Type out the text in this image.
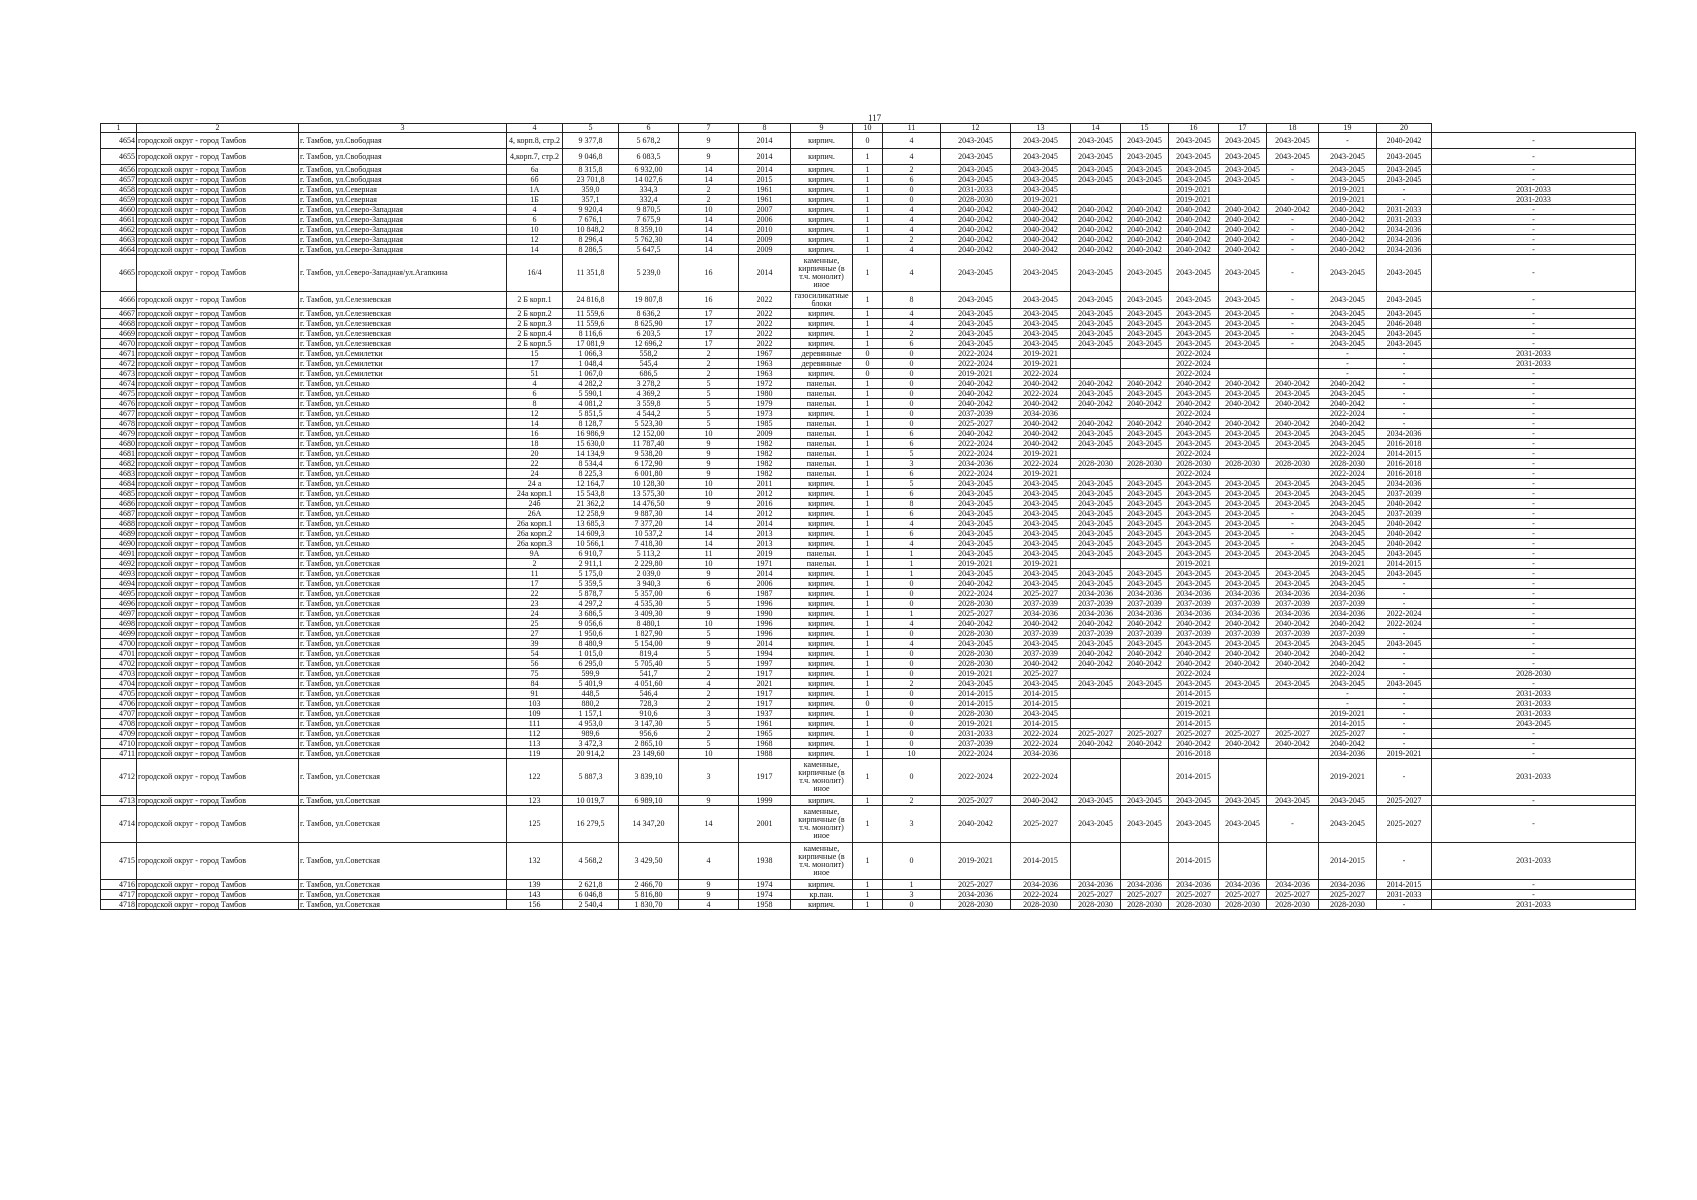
117
1	2	3	4	5	6	7	8	9	10	11	12	13	14	15	16	17	18	19	20	
4654	городской округ - город Тамбов	г. Тамбов, ул.Свободная	4, корп.8, стр.2	9 377,8	5 678,2	9	2014	кирпич.	0	4	2043-2045	2043-2045	2043-2045	2043-2045	2043-2045	2043-2045	2043-2045	-	2040-2042	-
4655	городской округ - город Тамбов	г. Тамбов, ул.Свободная	4,корп.7, стр.2	9 046,8	6 083,5	9	2014	кирпич.	1	4	2043-2045	2043-2045	2043-2045	2043-2045	2043-2045	2043-2045	2043-2045	2043-2045	2043-2045	-
4656	городской округ - город Тамбов	г. Тамбов, ул.Свободная	6а	8 315,8	6 932,00	14	2014	кирпич.	1	2	2043-2045	2043-2045	2043-2045	2043-2045	2043-2045	2043-2045	-	2043-2045	2043-2045	-
4657	городской округ - город Тамбов	г. Тамбов, ул.Свободная	6б	23 701,8	14 027,6	14	2015	кирпич.	1	6	2043-2045	2043-2045	2043-2045	2043-2045	2043-2045	2043-2045	-	2043-2045	2043-2045	-
4658	городской округ - город Тамбов	г. Тамбов, ул.Северная	1А	359,0	334,3	2	1961	кирпич.	1	0	2031-2033	2043-2045			2019-2021			2019-2021	-	2031-2033
4659	городской округ - город Тамбов	г. Тамбов, ул.Северная	1Б	357,1	332,4	2	1961	кирпич.	1	0	2028-2030	2019-2021			2019-2021			2019-2021	-	2031-2033
4660	городской округ - город Тамбов	г. Тамбов, ул.Северо-Западная	4	9 920,4	9 870,5	10	2007	кирпич.	1	4	2040-2042	2040-2042	2040-2042	2040-2042	2040-2042	2040-2042	2040-2042	2040-2042	2031-2033	-
4661	городской округ - город Тамбов	г. Тамбов, ул.Северо-Западная	6	7 676,1	7 675,9	14	2006	кирпич.	1	4	2040-2042	2040-2042	2040-2042	2040-2042	2040-2042	2040-2042	-	2040-2042	2031-2033	-
4662	городской округ - город Тамбов	г. Тамбов, ул.Северо-Западная	10	10 848,2	8 359,10	14	2010	кирпич.	1	4	2040-2042	2040-2042	2040-2042	2040-2042	2040-2042	2040-2042	-	2040-2042	2034-2036	-
4663	городской округ - город Тамбов	г. Тамбов, ул.Северо-Западная	12	8 296,4	5 762,30	14	2009	кирпич.	1	2	2040-2042	2040-2042	2040-2042	2040-2042	2040-2042	2040-2042	-	2040-2042	2034-2036	-
4664	городской округ - город Тамбов	г. Тамбов, ул.Северо-Западная	14	8 286,5	5 647,5	14	2009	кирпич.	1	4	2040-2042	2040-2042	2040-2042	2040-2042	2040-2042	2040-2042	-	2040-2042	2034-2036	-
4665	городской округ - город Тамбов	г. Тамбов, ул.Северо-Западная/ул.Агапкина	16/4	11 351,8	5 239,0	16	2014	каменные, кирпичные (в т.ч. монолит) иное	1	4	2043-2045	2043-2045	2043-2045	2043-2045	2043-2045	2043-2045	-	2043-2045	2043-2045	-
4666	городской округ - город Тамбов	г. Тамбов, ул.Селезневская	2 Б корп.1	24 816,8	19 807,8	16	2022	газосиликатные блоки	1	8	2043-2045	2043-2045	2043-2045	2043-2045	2043-2045	2043-2045	-	2043-2045	2043-2045	-
4667	городской округ - город Тамбов	г. Тамбов, ул.Селезневская	2 Б корп.2	11 559,6	8 636,2	17	2022	кирпич.	1	4	2043-2045	2043-2045	2043-2045	2043-2045	2043-2045	2043-2045	-	2043-2045	2043-2045	-
4668	городской округ - город Тамбов	г. Тамбов, ул.Селезневская	2 Б корп.3	11 559,6	8 625,90	17	2022	кирпич.	1	4	2043-2045	2043-2045	2043-2045	2043-2045	2043-2045	2043-2045	-	2043-2045	2046-2048	-
4669	городской округ - город Тамбов	г. Тамбов, ул.Селезневская	2 Б корп.4	8 116,6	6 203,5	17	2022	кирпич.	1	2	2043-2045	2043-2045	2043-2045	2043-2045	2043-2045	2043-2045	-	2043-2045	2043-2045	-
4670	городской округ - город Тамбов	г. Тамбов, ул.Селезневская	2 Б корп.5	17 081,9	12 696,2	17	2022	кирпич.	1	6	2043-2045	2043-2045	2043-2045	2043-2045	2043-2045	2043-2045	-	2043-2045	2043-2045	-
4671	городской округ - город Тамбов	г. Тамбов, ул.Семилетки	15	1 066,3	558,2	2	1967	деревянные	0	0	2022-2024	2019-2021			2022-2024			-	-	2031-2033
4672	городской округ - город Тамбов	г. Тамбов, ул.Семилетки	17	1 048,4	545,4	2	1963	деревянные	0	0	2022-2024	2019-2021			2022-2024			-	-	2031-2033
4673	городской округ - город Тамбов	г. Тамбов, ул.Семилетки	51	1 067,0	686,5	2	1963	кирпич.	0	0	2019-2021	2022-2024			2022-2024			-	-	-
4674	городской округ - город Тамбов	г. Тамбов, ул.Сенько	4	4 282,2	3 278,2	5	1972	панельн.	1	0	2040-2042	2040-2042	2040-2042	2040-2042	2040-2042	2040-2042	2040-2042	2040-2042	-	-
4675	городской округ - город Тамбов	г. Тамбов, ул.Сенько	6	5 590,1	4 369,2	5	1980	панельн.	1	0	2040-2042	2022-2024	2043-2045	2043-2045	2043-2045	2043-2045	2043-2045	2043-2045	-	-
4676	городской округ - город Тамбов	г. Тамбов, ул.Сенько	8	4 081,2	3 559,8	5	1979	панельн.	1	0	2040-2042	2040-2042	2040-2042	2040-2042	2040-2042	2040-2042	2040-2042	2040-2042	-	-
4677	городской округ - город Тамбов	г. Тамбов, ул.Сенько	12	5 851,5	4 544,2	5	1973	кирпич.	1	0	2037-2039	2034-2036			2022-2024			2022-2024	-	-
4678	городской округ - город Тамбов	г. Тамбов, ул.Сенько	14	8 128,7	5 523,30	5	1985	панельн.	1	0	2025-2027	2040-2042	2040-2042	2040-2042	2040-2042	2040-2042	2040-2042	2040-2042	-	-
4679	городской округ - город Тамбов	г. Тамбов, ул.Сенько	16	16 986,9	12 152,00	10	2009	панельн.	1	6	2040-2042	2040-2042	2043-2045	2043-2045	2043-2045	2043-2045	2043-2045	2043-2045	2034-2036	-
4680	городской округ - город Тамбов	г. Тамбов, ул.Сенько	18	15 630,0	11 787,40	9	1982	панельн.	1	6	2022-2024	2040-2042	2043-2045	2043-2045	2043-2045	2043-2045	2043-2045	2043-2045	2016-2018	-
4681	городской округ - город Тамбов	г. Тамбов, ул.Сенько	20	14 134,9	9 538,20	9	1982	панельн.	1	5	2022-2024	2019-2021			2022-2024			2022-2024	2014-2015	-
4682	городской округ - город Тамбов	г. Тамбов, ул.Сенько	22	8 534,4	6 172,90	9	1982	панельн.	1	3	2034-2036	2022-2024	2028-2030	2028-2030	2028-2030	2028-2030	2028-2030	2028-2030	2016-2018	-
4683	городской округ - город Тамбов	г. Тамбов, ул.Сенько	24	8 225,3	6 001,80	9	1982	панельн.	1	6	2022-2024	2019-2021			2022-2024			2022-2024	2016-2018	-
4684	городской округ - город Тамбов	г. Тамбов, ул.Сенько	24 а	12 164,7	10 128,30	10	2011	кирпич.	1	5	2043-2045	2043-2045	2043-2045	2043-2045	2043-2045	2043-2045	2043-2045	2043-2045	2034-2036	-
4685	городской округ - город Тамбов	г. Тамбов, ул.Сенько	24а корп.1	15 543,8	13 575,30	10	2012	кирпич.	1	6	2043-2045	2043-2045	2043-2045	2043-2045	2043-2045	2043-2045	2043-2045	2043-2045	2037-2039	-
4686	городской округ - город Тамбов	г. Тамбов, ул.Сенько	24б	21 362,2	14 476,50	9	2016	кирпич.	1	8	2043-2045	2043-2045	2043-2045	2043-2045	2043-2045	2043-2045	2043-2045	2043-2045	2040-2042	-
4687	городской округ - город Тамбов	г. Тамбов, ул.Сенько	26А	12 258,9	9 887,30	14	2012	кирпич.	1	6	2043-2045	2043-2045	2043-2045	2043-2045	2043-2045	2043-2045	-	2043-2045	2037-2039	-
4688	городской округ - город Тамбов	г. Тамбов, ул.Сенько	26а корп.1	13 685,3	7 377,20	14	2014	кирпич.	1	4	2043-2045	2043-2045	2043-2045	2043-2045	2043-2045	2043-2045	-	2043-2045	2040-2042	-
4689	городской округ - город Тамбов	г. Тамбов, ул.Сенько	26а корп.2	14 609,3	10 537,2	14	2013	кирпич.	1	6	2043-2045	2043-2045	2043-2045	2043-2045	2043-2045	2043-2045	-	2043-2045	2040-2042	-
4690	городской округ - город Тамбов	г. Тамбов, ул.Сенько	26а корп.3	10 566,1	7 418,30	14	2013	кирпич.	1	4	2043-2045	2043-2045	2043-2045	2043-2045	2043-2045	2043-2045	-	2043-2045	2040-2042	-
4691	городской округ - город Тамбов	г. Тамбов, ул.Сенько	9А	6 910,7	5 113,2	11	2019	панельн.	1	1	2043-2045	2043-2045	2043-2045	2043-2045	2043-2045	2043-2045	2043-2045	2043-2045	2043-2045	-
4692	городской округ - город Тамбов	г. Тамбов, ул.Советская	2	2 911,1	2 229,80	10	1971	панельн.	1	1	2019-2021	2019-2021			2019-2021			2019-2021	2014-2015	-
4693	городской округ - город Тамбов	г. Тамбов, ул.Советская	11	5 175,0	2 039,0	9	2014	кирпич.	1	1	2043-2045	2043-2045	2043-2045	2043-2045	2043-2045	2043-2045	2043-2045	2043-2045	2043-2045	-
4694	городской округ - город Тамбов	г. Тамбов, ул.Советская	17	5 359,5	3 940,3	6	2006	кирпич.	1	0	2040-2042	2043-2045	2043-2045	2043-2045	2043-2045	2043-2045	2043-2045	2043-2045	-	-
4695	городской округ - город Тамбов	г. Тамбов, ул.Советская	22	5 878,7	5 357,00	6	1987	кирпич.	1	0	2022-2024	2025-2027	2034-2036	2034-2036	2034-2036	2034-2036	2034-2036	2034-2036	-	-
4696	городской округ - город Тамбов	г. Тамбов, ул.Советская	23	4 297,2	4 535,30	5	1996	кирпич.	1	0	2028-2030	2037-2039	2037-2039	2037-2039	2037-2039	2037-2039	2037-2039	2037-2039	-	-
4697	городской округ - город Тамбов	г. Тамбов, ул.Советская	24	3 686,5	3 409,30	9	1990	кирпич.	1	1	2025-2027	2034-2036	2034-2036	2034-2036	2034-2036	2034-2036	2034-2036	2034-2036	2022-2024	-
4698	городской округ - город Тамбов	г. Тамбов, ул.Советская	25	9 056,6	8 480,1	10	1996	кирпич.	1	4	2040-2042	2040-2042	2040-2042	2040-2042	2040-2042	2040-2042	2040-2042	2040-2042	2022-2024	-
4699	городской округ - город Тамбов	г. Тамбов, ул.Советская	27	1 950,6	1 827,90	5	1996	кирпич.	1	0	2028-2030	2037-2039	2037-2039	2037-2039	2037-2039	2037-2039	2037-2039	2037-2039	-	-
4700	городской округ - город Тамбов	г. Тамбов, ул.Советская	39	8 480,9	5 154,00	9	2014	кирпич.	1	4	2043-2045	2043-2045	2043-2045	2043-2045	2043-2045	2043-2045	2043-2045	2043-2045	2043-2045	-
4701	городской округ - город Тамбов	г. Тамбов, ул.Советская	54	1 015,0	819,4	5	1994	кирпич.	1	0	2028-2030	2037-2039	2040-2042	2040-2042	2040-2042	2040-2042	2040-2042	2040-2042	-	-
4702	городской округ - город Тамбов	г. Тамбов, ул.Советская	56	6 295,0	5 705,40	5	1997	кирпич.	1	0	2028-2030	2040-2042	2040-2042	2040-2042	2040-2042	2040-2042	2040-2042	2040-2042	-	-
4703	городской округ - город Тамбов	г. Тамбов, ул.Советская	75	599,9	541,7	2	1917	кирпич.	1	0	2019-2021	2025-2027			2022-2024			2022-2024	-	2028-2030
4704	городской округ - город Тамбов	г. Тамбов, ул.Советская	84	5 401,9	4 051,60	4	2021	кирпич.	1	2	2043-2045	2043-2045	2043-2045	2043-2045	2043-2045	2043-2045	2043-2045	2043-2045	2043-2045	-
4705	городской округ - город Тамбов	г. Тамбов, ул.Советская	91	448,5	546,4	2	1917	кирпич.	1	0	2014-2015	2014-2015			2014-2015			-	-	2031-2033
4706	городской округ - город Тамбов	г. Тамбов, ул.Советская	103	880,2	728,3	2	1917	кирпич.	0	0	2014-2015	2014-2015			2019-2021			-	-	2031-2033
4707	городской округ - город Тамбов	г. Тамбов, ул.Советская	109	1 157,1	910,6	3	1937	кирпич.	1	0	2028-2030	2043-2045			2019-2021			2019-2021	-	2031-2033
4708	городской округ - город Тамбов	г. Тамбов, ул.Советская	111	4 953,0	3 147,30	5	1961	кирпич.	1	0	2019-2021	2014-2015			2014-2015			2014-2015	-	2043-2045
4709	городской округ - город Тамбов	г. Тамбов, ул.Советская	112	989,6	956,6	2	1965	кирпич.	1	0	2031-2033	2022-2024	2025-2027	2025-2027	2025-2027	2025-2027	2025-2027	2025-2027	-	-
4710	городской округ - город Тамбов	г. Тамбов, ул.Советская	113	3 472,3	2 865,10	5	1968	кирпич.	1	0	2037-2039	2022-2024	2040-2042	2040-2042	2040-2042	2040-2042	2040-2042	2040-2042	-	-
4711	городской округ - город Тамбов	г. Тамбов, ул.Советская	119	20 914,2	23 149,60	10	1988	кирпич.	1	10	2022-2024	2034-2036			2016-2018			2034-2036	2019-2021	-
4712	городской округ - город Тамбов	г. Тамбов, ул.Советская	122	5 887,3	3 839,10	3	1917	каменные, кирпичные (в т.ч. монолит) иное	1	0	2022-2024	2022-2024			2014-2015			2019-2021	-	2031-2033
4713	городской округ - город Тамбов	г. Тамбов, ул.Советская	123	10 019,7	6 989,10	9	1999	кирпич.	1	2	2025-2027	2040-2042	2043-2045	2043-2045	2043-2045	2043-2045	2043-2045	2043-2045	2025-2027	-
4714	городской округ - город Тамбов	г. Тамбов, ул.Советская	125	16 279,5	14 347,20	14	2001	каменные, кирпичные (в т.ч. монолит) иное	1	3	2040-2042	2025-2027	2043-2045	2043-2045	2043-2045	2043-2045	-	2043-2045	2025-2027	-
4715	городской округ - город Тамбов	г. Тамбов, ул.Советская	132	4 568,2	3 429,50	4	1938	каменные, кирпичные (в т.ч. монолит) иное	1	0	2019-2021	2014-2015			2014-2015			2014-2015	-	2031-2033
4716	городской округ - город Тамбов	г. Тамбов, ул.Советская	139	2 621,8	2 466,70	9	1974	кирпич.	1	1	2025-2027	2034-2036	2034-2036	2034-2036	2034-2036	2034-2036	2034-2036	2034-2036	2014-2015	-
4717	городской округ - город Тамбов	г. Тамбов, ул.Советская	143	6 046,8	5 816,80	9	1974	кр.пан.	1	3	2034-2036	2022-2024	2025-2027	2025-2027	2025-2027	2025-2027	2025-2027	2025-2027	2031-2033	-
4718	городской округ - город Тамбов	г. Тамбов, ул.Советская	156	2 540,4	1 830,70	4	1958	кирпич.	1	0	2028-2030	2028-2030	2028-2030	2028-2030	2028-2030	2028-2030	2028-2030	2028-2030	-	2031-2033
